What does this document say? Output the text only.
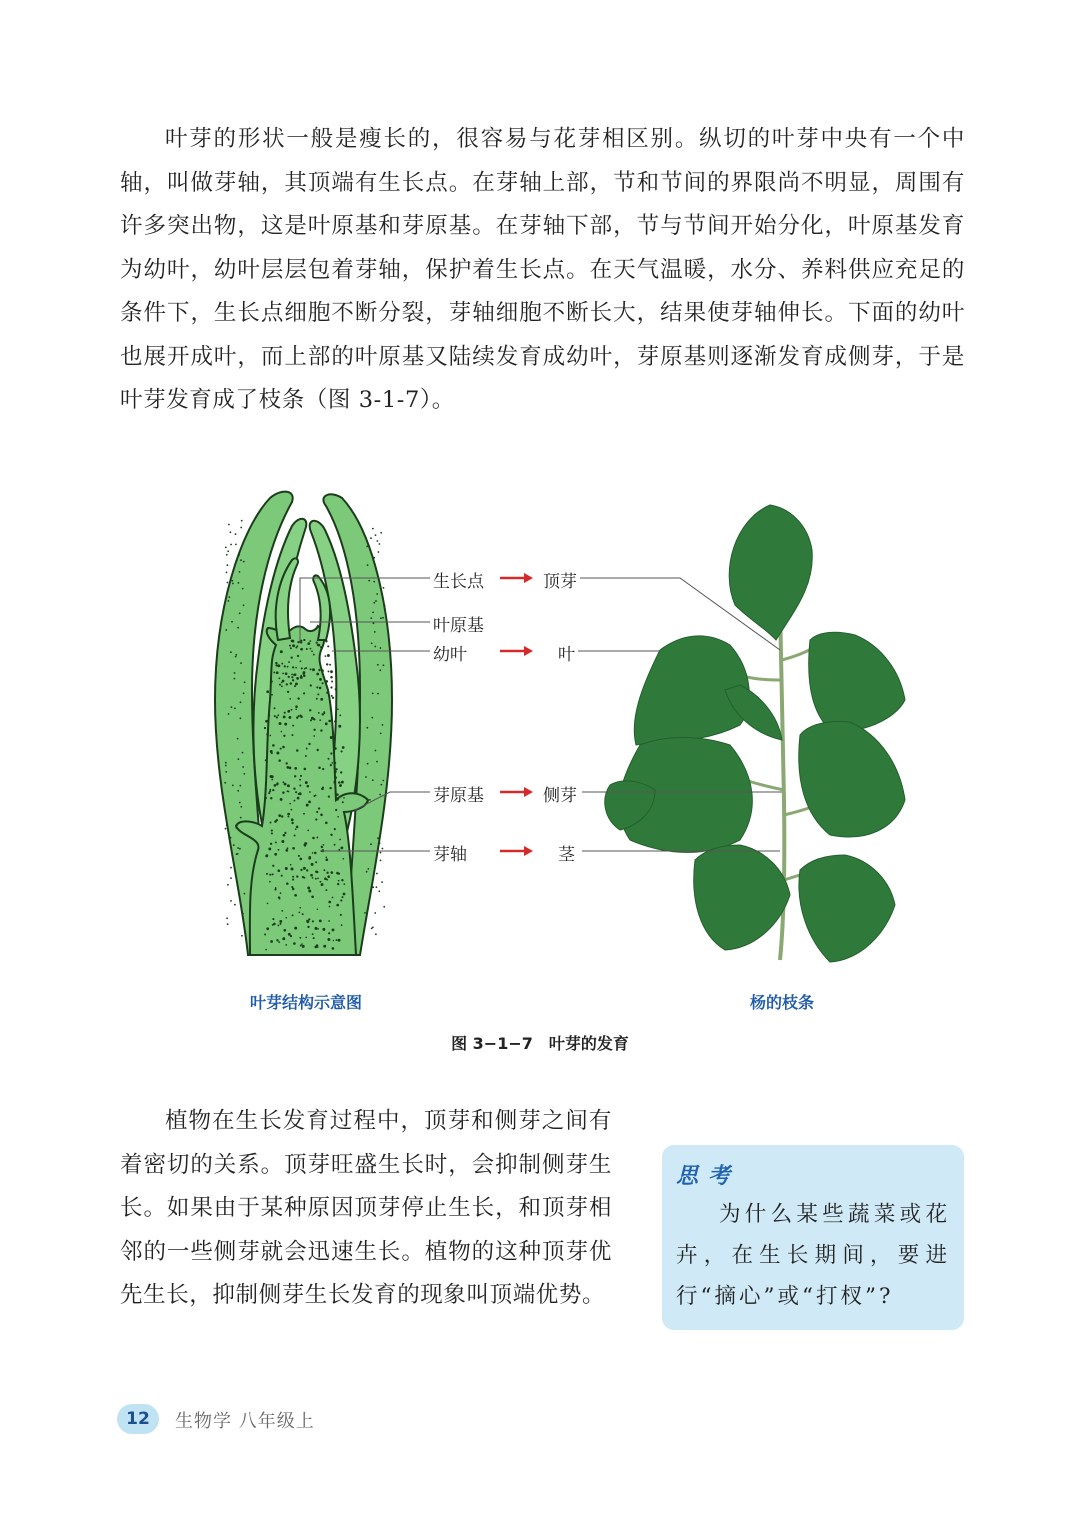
叶芽的形状一般是瘦长的，很容易与花芽相区别。纵切的叶芽中央有一个中轴，叫做芽轴，其顶端有生长点。在芽轴上部，节和节间的界限尚不明显，周围有许多突出物，这是叶原基和芽原基。在芽轴下部，节与节间开始分化，叶原基发育为幼叶，幼叶层层包着芽轴，保护着生长点。在天气温暖，水分、养料供应充足的条件下，生长点细胞不断分裂，芽轴细胞不断长大，结果使芽轴伸长。下面的幼叶也展开成叶，而上部的叶原基又陆续发育成幼叶，芽原基则逐渐发育成侧芽，于是叶芽发育成了枝条（图 3-1-7）。

生长点
叶原基
幼叶
芽原基
芽轴
顶芽
叶
侧芽
茎
叶芽结构示意图	杨的枝条
图 3−1−7 叶芽的发育

植物在生长发育过程中，顶芽和侧芽之间有着密切的关系。顶芽旺盛生长时，会抑制侧芽生长。如果由于某种原因顶芽停止生长，和顶芽相邻的一些侧芽就会迅速生长。植物的这种顶芽优先生长，抑制侧芽生长发育的现象叫顶端优势。

思考

为什么某些蔬菜或花卉，在生长期间，要进行“摘心”或“打杈”?

12	生物学 八年级上
